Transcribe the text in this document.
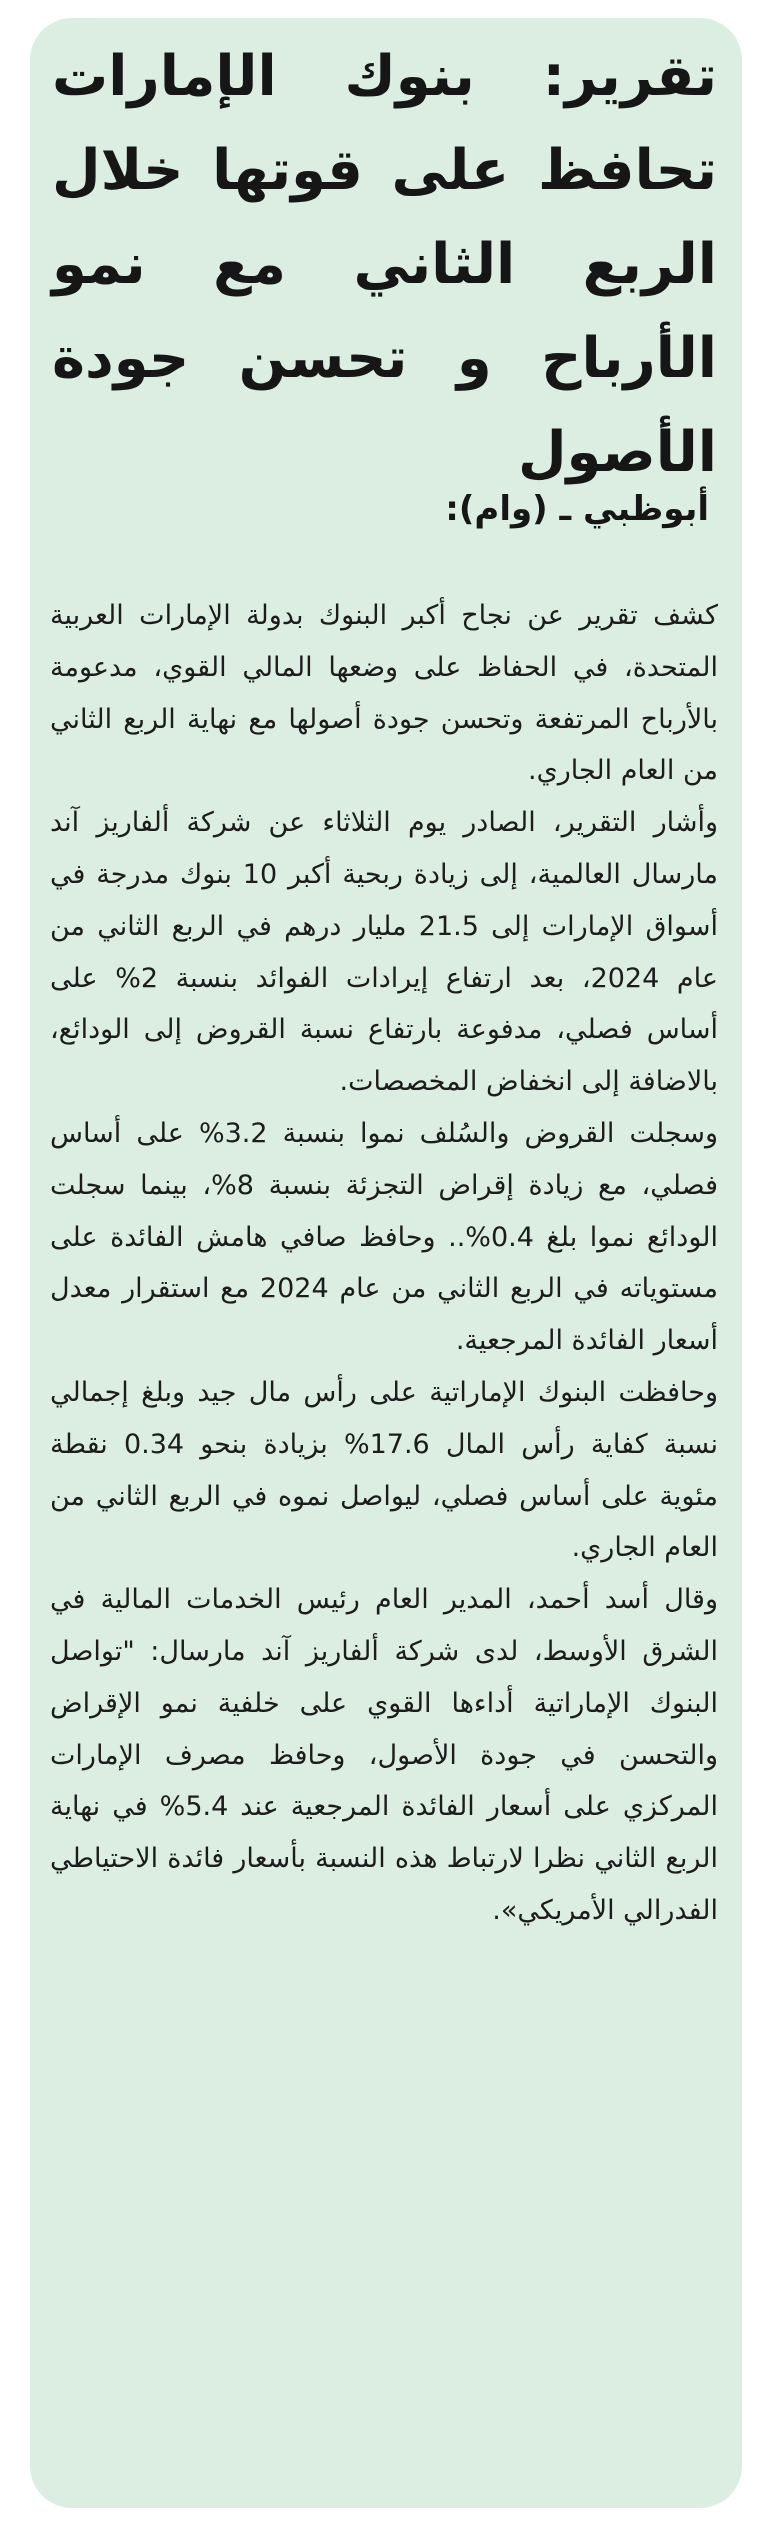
تقرير: بنوك الإمارات تحافظ على قوتها خلال الربع الثاني مع نمو الأرباح و تحسن جودة الأصول
أبوظبي ـ (وام):

كشف تقرير عن نجاح أكبر البنوك بدولة الإمارات العربية المتحدة، في الحفاظ على وضعها المالي القوي، مدعومة بالأرباح المرتفعة وتحسن جودة أصولها مع نهاية الربع الثاني من العام الجاري.

وأشار التقرير، الصادر يوم الثلاثاء عن شركة ألفاريز آند مارسال العالمية، إلى زيادة ربحية أكبر 10 بنوك مدرجة في أسواق الإمارات إلى 21.5 مليار درهم في الربع الثاني من عام 2024، بعد ارتفاع إيرادات الفوائد بنسبة 2% على أساس فصلي، مدفوعة بارتفاع نسبة القروض إلى الودائع، بالاضافة إلى انخفاض المخصصات.

وسجلت القروض والسُلف نموا بنسبة 3.2% على أساس فصلي، مع زيادة إقراض التجزئة بنسبة 8%، بينما سجلت الودائع نموا بلغ 0.4%.. وحافظ صافي هامش الفائدة على مستوياته في الربع الثاني من عام 2024 مع استقرار معدل أسعار الفائدة المرجعية.

وحافظت البنوك الإماراتية على رأس مال جيد وبلغ إجمالي نسبة كفاية رأس المال 17.6% بزيادة بنحو 0.34 نقطة مئوية على أساس فصلي، ليواصل نموه في الربع الثاني من العام الجاري.

وقال أسد أحمد، المدير العام رئيس الخدمات المالية في الشرق الأوسط، لدى شركة ألفاريز آند مارسال: "تواصل البنوك الإماراتية أداءها القوي على خلفية نمو الإقراض والتحسن في جودة الأصول، وحافظ مصرف الإمارات المركزي على أسعار الفائدة المرجعية عند 5.4% في نهاية الربع الثاني نظرا لارتباط هذه النسبة بأسعار فائدة الاحتياطي الفدرالي الأمريكي».
